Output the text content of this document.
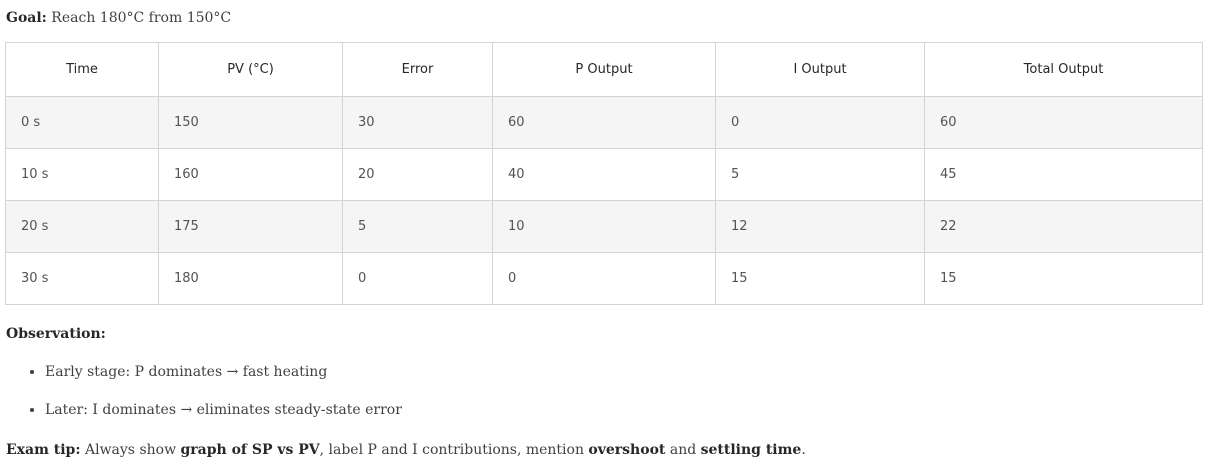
Goal: Reach 180°C from 150°C
Time	PV (°C)	Error	P Output	I Output	Total Output
0 s	150	30	60	0	60
10 s	160	20	40	5	45
20 s	175	5	10	12	22
30 s	180	0	0	15	15
Observation:
• Early stage: P dominates → fast heating
• Later: I dominates → eliminates steady-state error
Exam tip: Always show graph of SP vs PV, label P and I contributions, mention overshoot and settling time.
